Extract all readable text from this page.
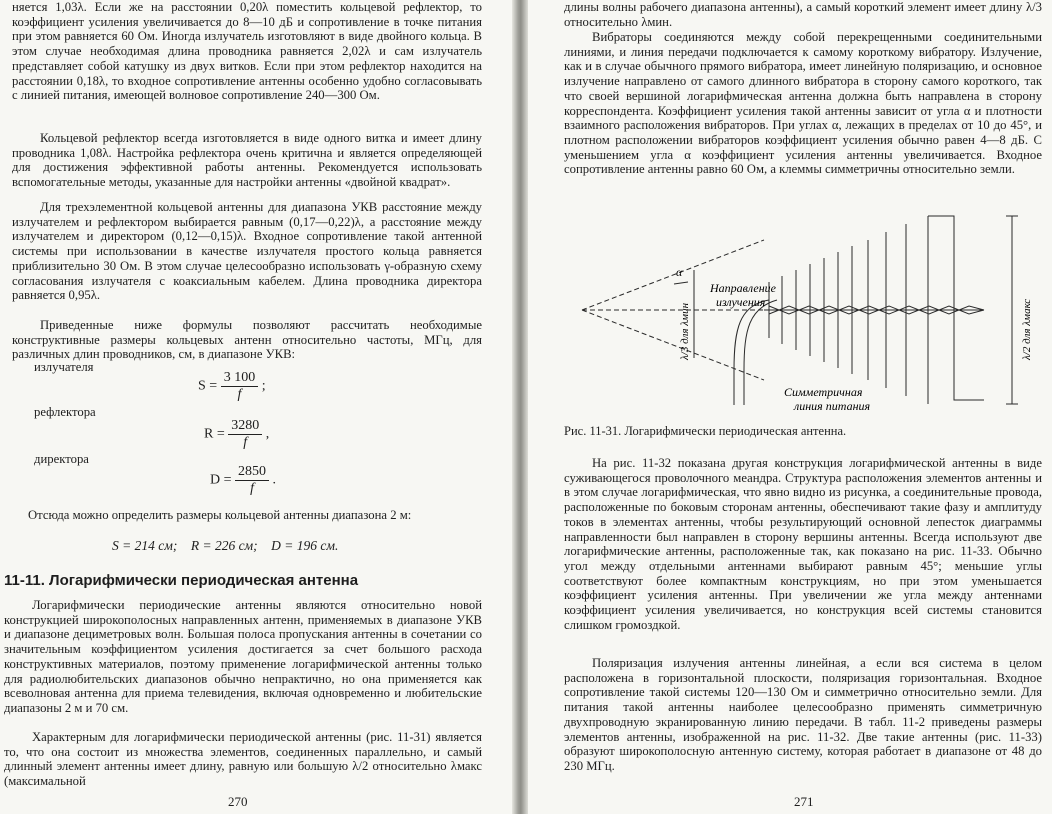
няется 1,03λ. Если же на расстоянии 0,20λ поместить кольцевой рефлектор, то коэффициент усиления увеличивается до 8—10 дБ и сопротивление в точке питания при этом равняется 60 Ом. Иногда излучатель изготовляют в виде двойного кольца. В этом случае необходимая длина проводника равняется 2,02λ и сам излучатель представляет собой катушку из двух витков. Если при этом рефлектор находится на расстоянии 0,18λ, то входное сопротивление антенны особенно удобно согласовывать с линией питания, имеющей волновое сопротивление 240—300 Ом.
Кольцевой рефлектор всегда изготовляется в виде одного витка и имеет длину проводника 1,08λ. Настройка рефлектора очень критична и является определяющей для достижения эффективной работы антенны. Рекомендуется использовать вспомогательные методы, указанные для настройки антенны «двойной квадрат».
Для трехэлементной кольцевой антенны для диапазона УКВ расстояние между излучателем и рефлектором выбирается равным (0,17—0,22)λ, а расстояние между излучателем и директором (0,12—0,15)λ. Входное сопротивление такой антенной системы при использовании в качестве излучателя простого кольца равняется приблизительно 30 Ом. В этом случае целесообразно использовать γ-образную схему согласования излучателя с коаксиальным кабелем. Длина проводника директора равняется 0,95λ.
Приведенные ниже формулы позволяют рассчитать необходимые конструктивные размеры кольцевых антенн относительно частоты, МГц, для различных длин проводников, см, в диапазоне УКВ:
излучателя
$S = \frac{3 100}{f}$ ;
рефлектора
$R = \frac{3280}{f}$ ,
директора
$D = \frac{2850}{f}$ .
Отсюда можно определить размеры кольцевой антенны диапазона 2 м:
S = 214 см;    R = 226 см;    D = 196 см.
11-11. Логарифмически периодическая антенна
Логарифмически периодические антенны являются относительно новой конструкцией широкополосных направленных антенн, применяемых в диапазоне УКВ и диапазоне дециметровых волн. Большая полоса пропускания антенны в сочетании со значительным коэффициентом усиления достигается за счет большого расхода конструктивных материалов, поэтому применение логарифмической антенны только для радиолюбительских диапазонов обычно непрактично, но она применяется как всеволновая антенна для приема телевидения, включая одновременно и любительские диапазоны 2 м и 70 см.
Характерным для логарифмически периодической антенны (рис. 11-31) является то, что она состоит из множества элементов, соединенных параллельно, и самый длинный элемент антенны имеет длину, равную или большую λ/2 относительно λмакс (максимальной
270
длины волны рабочего диапазона антенны), а самый короткий элемент имеет длину λ/3 относительно λмин.
Вибраторы соединяются между собой перекрещенными соединительными линиями, и линия передачи подключается к самому короткому вибратору. Излучение, как и в случае обычного прямого вибратора, имеет линейную поляризацию, и основное излучение направлено от самого длинного вибратора в сторону самого короткого, так что своей вершиной логарифмическая антенна должна быть направлена в сторону корреспондента. Коэффициент усиления такой антенны зависит от угла α и плотности взаимного расположения вибраторов. При углах α, лежащих в пределах от 10 до 45°, и плотном расположении вибраторов коэффициент усиления обычно равен 4—8 дБ. С уменьшением угла α коэффициент усиления антенны увеличивается. Входное сопротивление антенны равно 60 Ом, а клеммы симметричны относительно земли.
α
Направление
излучения
λ/3 для λмин	λ/2 для λмакс
Симметричная
линия питания
Рис. 11-31. Логарифмически периодическая антенна.
На рис. 11-32 показана другая конструкция логарифмической антенны в виде суживающегося проволочного меандра. Структура расположения элементов антенны и в этом случае логарифмическая, что явно видно из рисунка, а соединительные провода, расположенные по боковым сторонам антенны, обеспечивают такие фазу и амплитуду токов в элементах антенны, чтобы результирующий основной лепесток диаграммы направленности был направлен в сторону вершины антенны. Всегда используют две логарифмические антенны, расположенные так, как показано на рис. 11-33. Обычно угол между отдельными антеннами выбирают равным 45°; меньшие углы соответствуют более компактным конструкциям, но при этом уменьшается коэффициент усиления антенны. При увеличении же угла между антеннами коэффициент усиления увеличивается, но конструкция всей системы становится слишком громоздкой.
Поляризация излучения антенны линейная, а если вся система в целом расположена в горизонтальной плоскости, поляризация горизонтальная. Входное сопротивление такой системы 120—130 Ом и симметрично относительно земли. Для питания такой антенны наиболее целесообразно применять симметричную двухпроводную экранированную линию передачи. В табл. 11-2 приведены размеры элементов антенны, изображенной на рис. 11-32. Две такие антенны (рис. 11-33) образуют широкополосную антенную систему, которая работает в диапазоне от 48 до 230 МГц.
271
